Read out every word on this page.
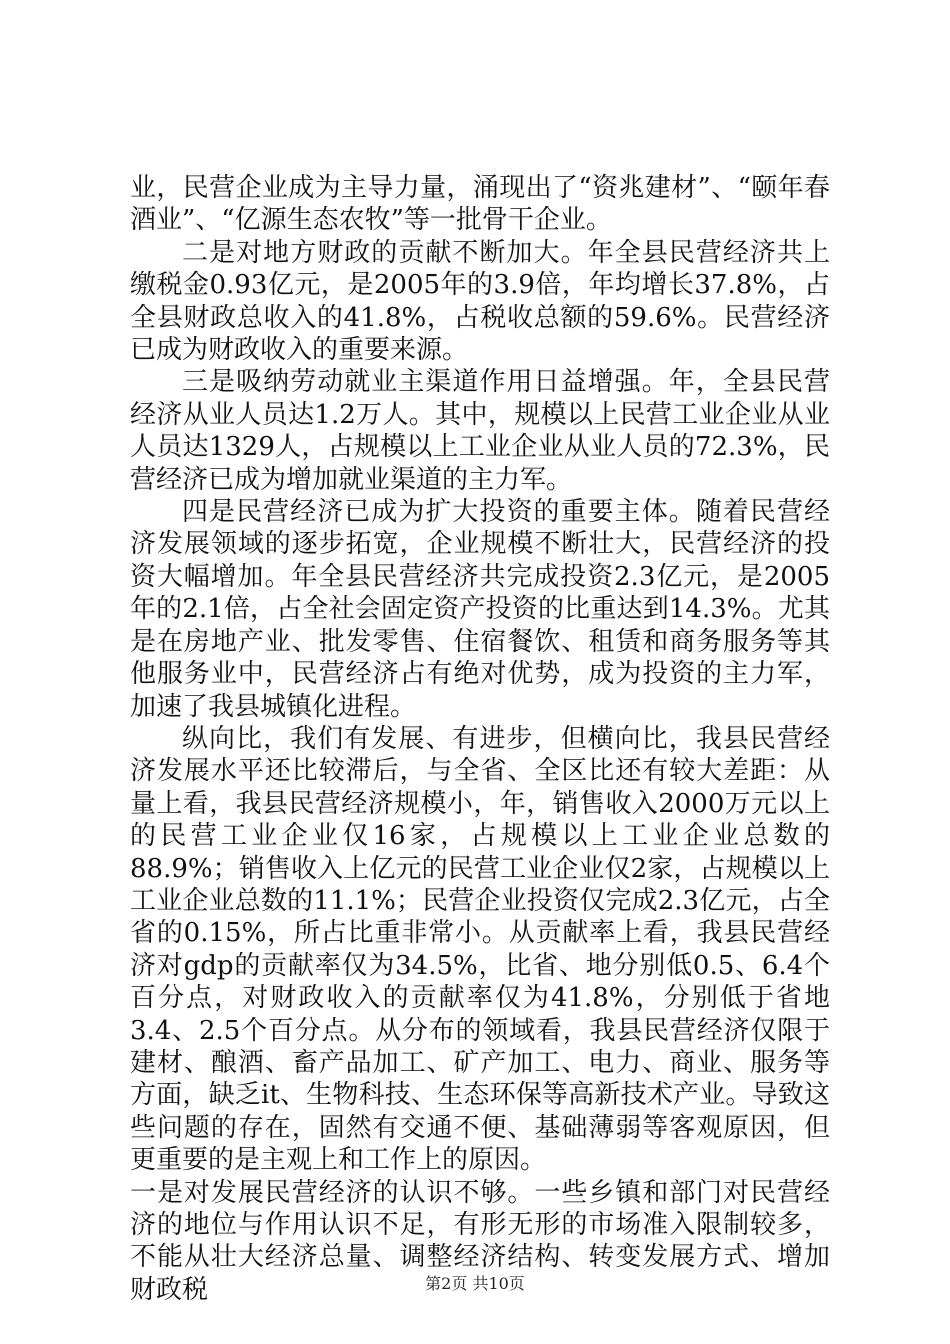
业，民营企业成为主导力量，涌现出了“资兆建材”、“颐年春酒业”、“亿源生态农牧”等一批骨干企业。

二是对地方财政的贡献不断加大。年全县民营经济共上缴税金0.93亿元，是2005年的3.9倍，年均增长37.8%，占全县财政总收入的41.8%，占税收总额的59.6%。民营经济已成为财政收入的重要来源。

三是吸纳劳动就业主渠道作用日益增强。年，全县民营经济从业人员达1.2万人。其中，规模以上民营工业企业从业人员达1329人，占规模以上工业企业从业人员的72.3%，民营经济已成为增加就业渠道的主力军。

四是民营经济已成为扩大投资的重要主体。随着民营经济发展领域的逐步拓宽，企业规模不断壮大，民营经济的投资大幅增加。年全县民营经济共完成投资2.3亿元，是2005年的2.1倍，占全社会固定资产投资的比重达到14.3%。尤其是在房地产业、批发零售、住宿餐饮、租赁和商务服务等其他服务业中，民营经济占有绝对优势，成为投资的主力军，加速了我县城镇化进程。

纵向比，我们有发展、有进步，但横向比，我县民营经济发展水平还比较滞后，与全省、全区比还有较大差距：从量上看，我县民营经济规模小，年，销售收入2000万元以上的民营工业企业仅16家，占规模以上工业企业总数的88.9%；销售收入上亿元的民营工业企业仅2家，占规模以上工业企业总数的11.1%；民营企业投资仅完成2.3亿元，占全省的0.15%，所占比重非常小。从贡献率上看，我县民营经济对gdp的贡献率仅为34.5%，比省、地分别低0.5、6.4个百分点，对财政收入的贡献率仅为41.8%，分别低于省地3.4、2.5个百分点。从分布的领域看，我县民营经济仅限于建材、酿酒、畜产品加工、矿产加工、电力、商业、服务等方面，缺乏it、生物科技、生态环保等高新技术产业。导致这些问题的存在，固然有交通不便、基础薄弱等客观原因，但更重要的是主观上和工作上的原因。

一是对发展民营经济的认识不够。一些乡镇和部门对民营经济的地位与作用认识不足，有形无形的市场准入限制较多，不能从壮大经济总量、调整经济结构、转变发展方式、增加财政税	第2页 共10页
